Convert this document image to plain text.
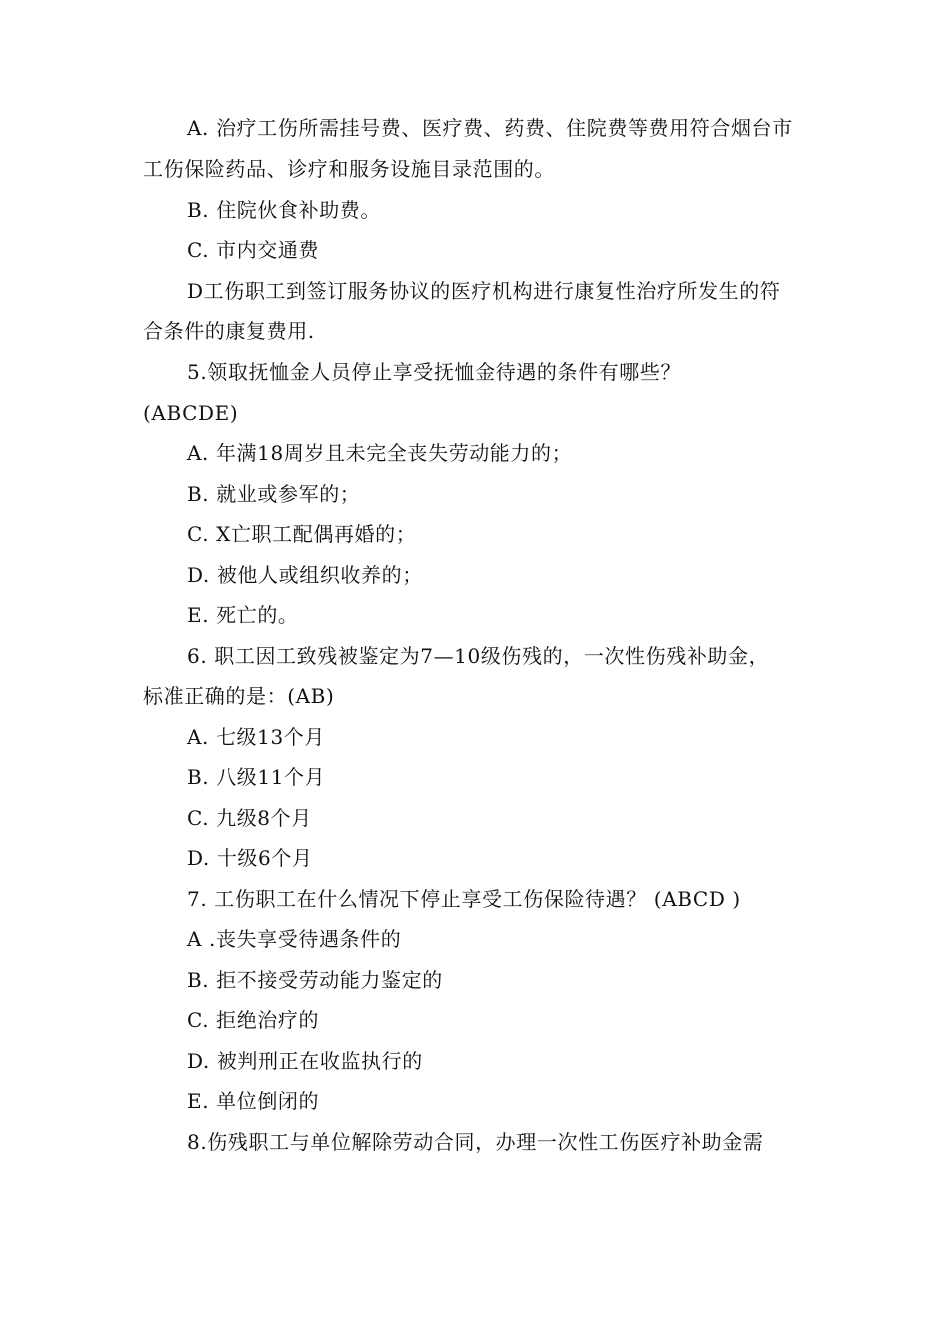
A. 治疗工伤所需挂号费、医疗费、药费、住院费等费用符合烟台市
工伤保险药品、诊疗和服务设施目录范围的。
B. 住院伙食补助费。
C. 市内交通费
D工伤职工到签订服务协议的医疗机构进行康复性治疗所发生的符
合条件的康复费用.
5.领取抚恤金人员停止享受抚恤金待遇的条件有哪些？
(ABCDE)
A. 年满18周岁且未完全丧失劳动能力的；
B. 就业或参军的；
C. X亡职工配偶再婚的；
D. 被他人或组织收养的；
E. 死亡的。
6. 职工因工致残被鉴定为7—10级伤残的，一次性伤残补助金，
标准正确的是：(AB)
A. 七级13个月
B. 八级11个月
C. 九级8个月
D. 十级6个月
7. 工伤职工在什么情况下停止享受工伤保险待遇？ (ABCD )
A .丧失享受待遇条件的
B. 拒不接受劳动能力鉴定的
C. 拒绝治疗的
D. 被判刑正在收监执行的
E. 单位倒闭的
8.伤残职工与单位解除劳动合同，办理一次性工伤医疗补助金需
